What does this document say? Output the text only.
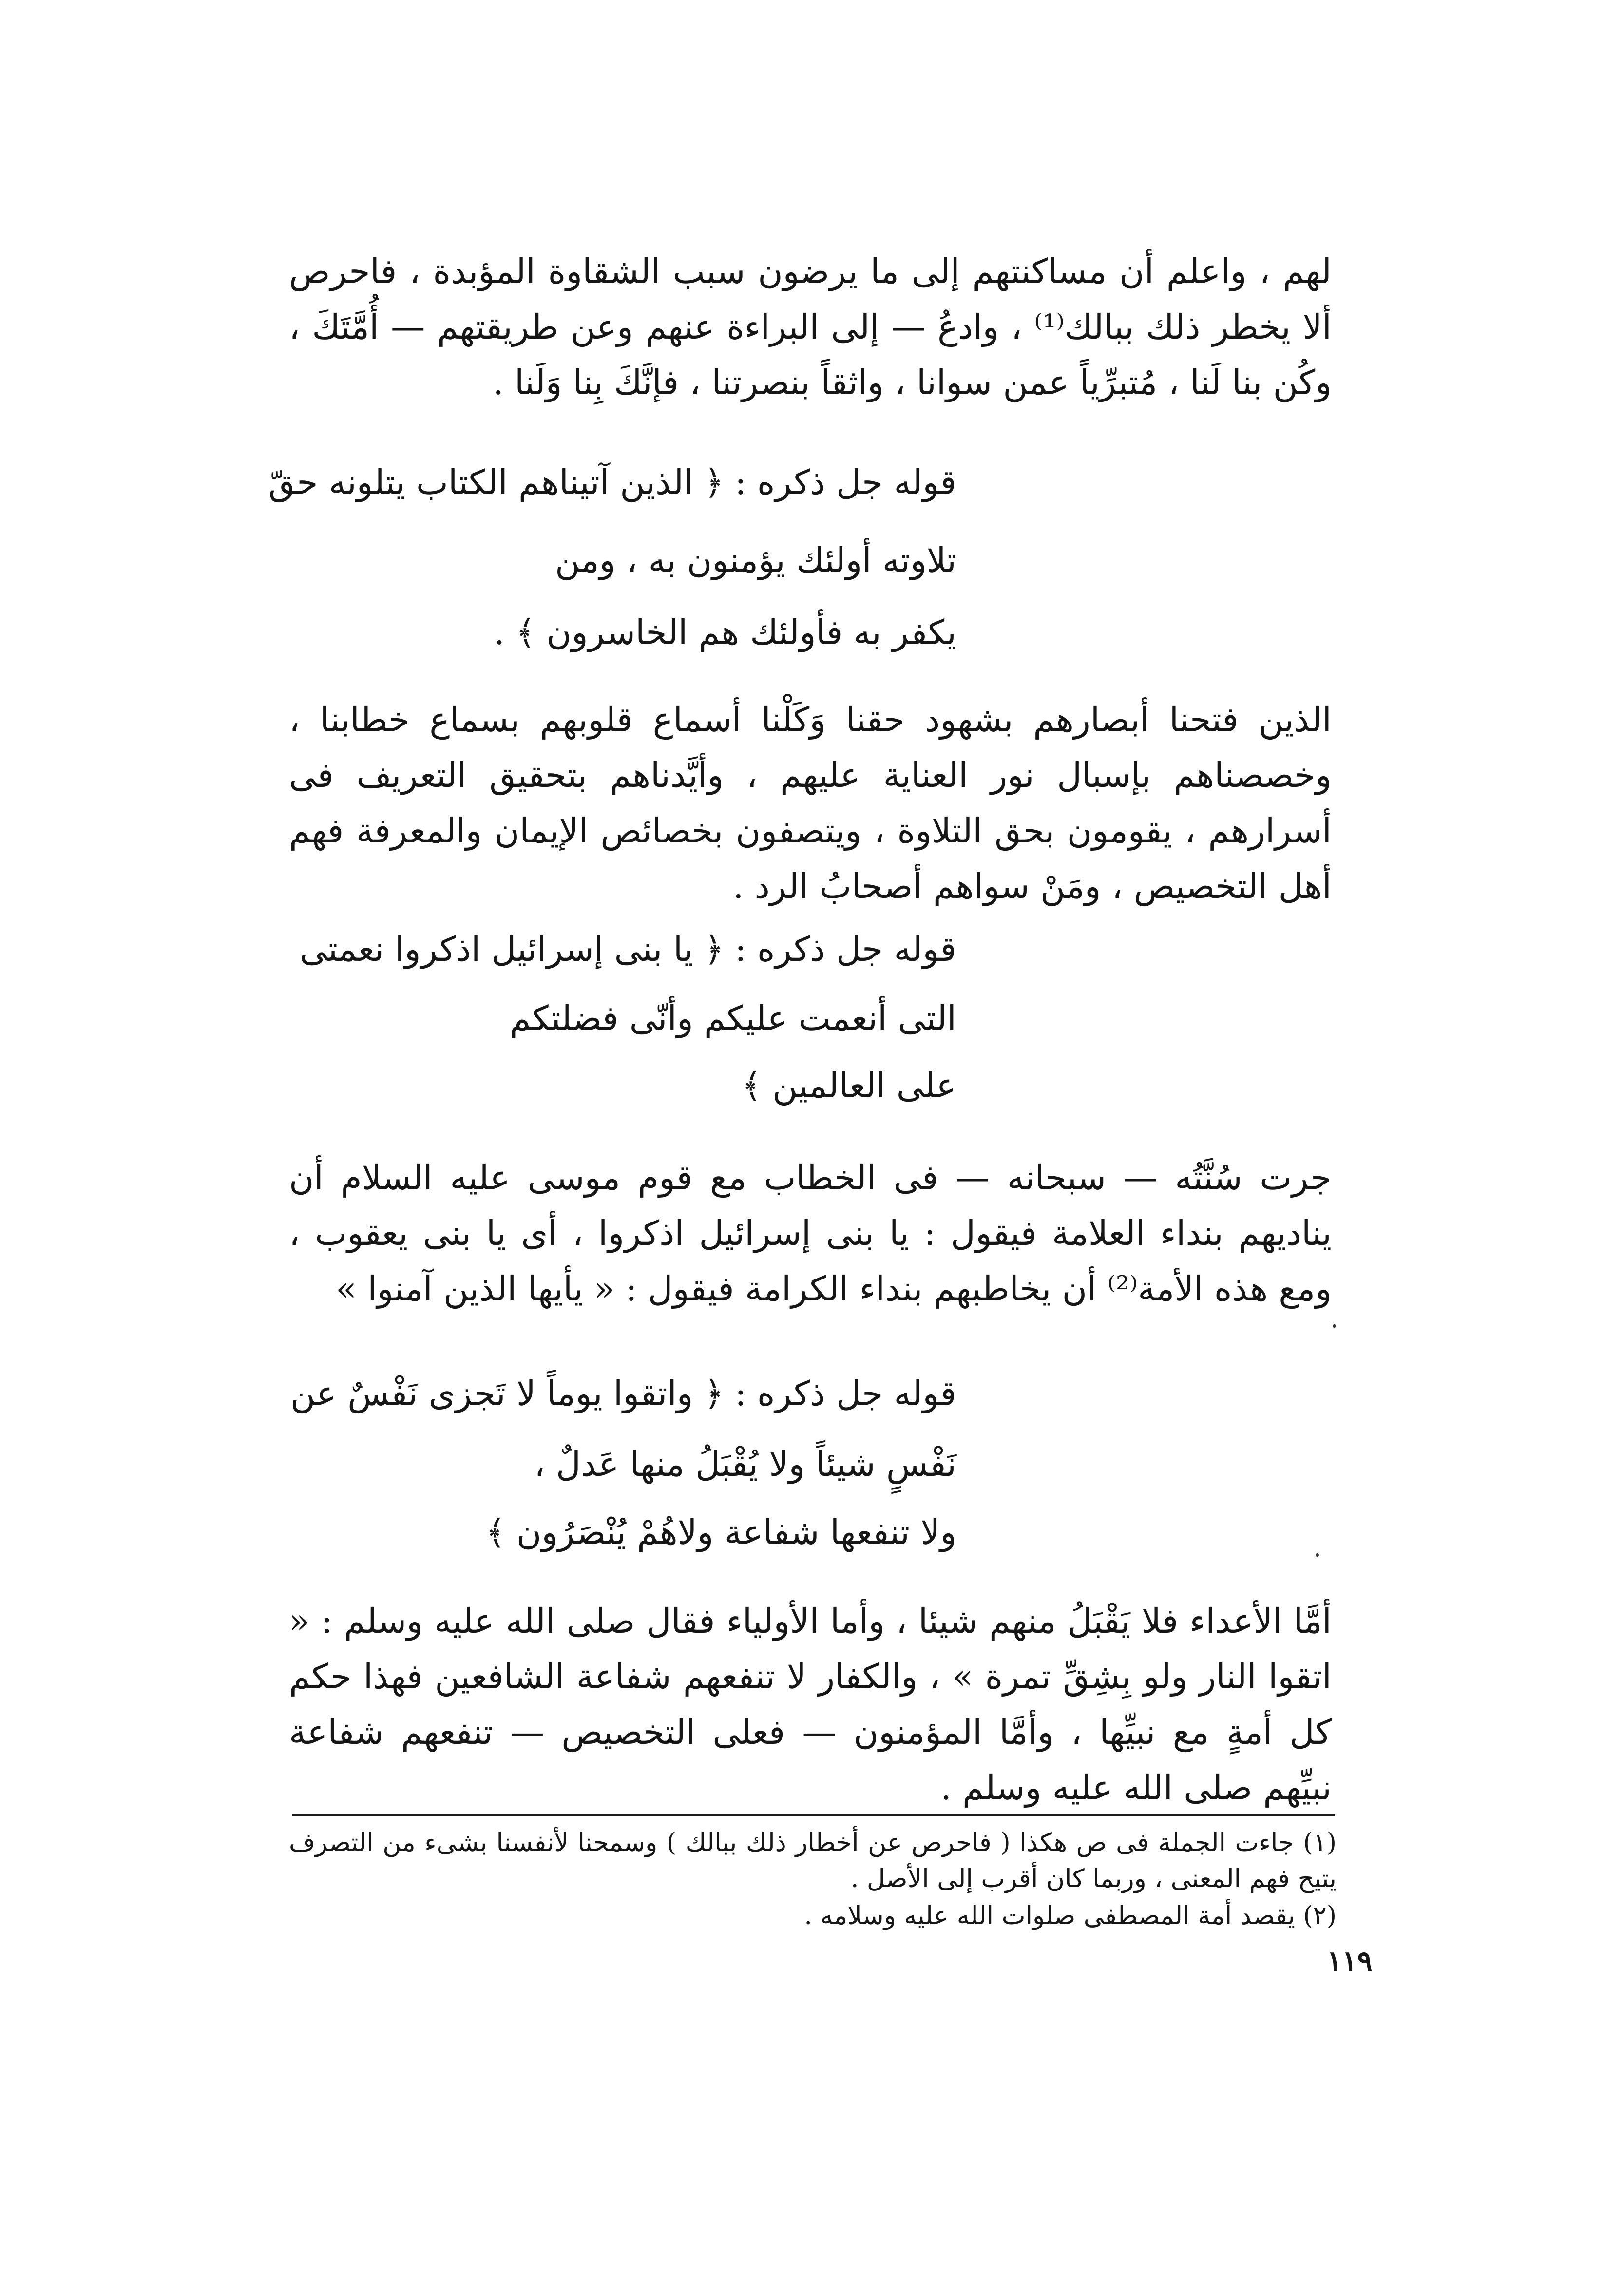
لهم ، واعلم أن مساكنتهم إلى ما يرضون سبب الشقاوة المؤبدة ، فاحرص ألا يخطر ذلك ببالك⁽¹⁾ ، وادعُ — إلى البراءة عنهم وعن طريقتهم — أُمَّتَكَ ، وكُن بنا لَنا ، مُتبرِّياً عمن سوانا ، واثقاً بنصرتنا ، فإنَّكَ بِنا وَلَنا .

قوله جل ذكره : ﴿ الذين آتيناهم الكتاب يتلونه حقّ

تلاوته أولئك يؤمنون به ، ومن

يكفر به فأولئك هم الخاسرون ﴾ .

الذين فتحنا أبصارهم بشهود حقنا وَكَلْنا أسماع قلوبهم بسماع خطابنا ، وخصصناهم بإسبال نور العناية عليهم ، وأيَّدناهم بتحقيق التعريف فى أسرارهم ، يقومون بحق التلاوة ، ويتصفون بخصائص الإيمان والمعرفة فهم أهل التخصيص ، ومَنْ سواهم أصحابُ الرد .

قوله جل ذكره : ﴿ يا بنى إسرائيل اذكروا نعمتى

التى أنعمت عليكم وأنّى فضلتكم

على العالمين ﴾

جرت سُنَّتُه — سبحانه — فى الخطاب مع قوم موسى عليه السلام أن يناديهم بنداء العلامة فيقول : يا بنى إسرائيل اذكروا ، أى يا بنى يعقوب ، ومع هذه الأمة⁽²⁾ أن يخاطبهم بنداء الكرامة فيقول : « يأيها الذين آمنوا »

قوله جل ذكره : ﴿ واتقوا يوماً لا تَجزى نَفْسٌ عن

نَفْسٍ شيئاً ولا يُقْبَلُ منها عَدلٌ ،

ولا تنفعها شفاعة ولاهُمْ يُنْصَرُون ﴾

أمَّا الأعداء فلا يَقْبَلُ منهم شيئا ، وأما الأولياء فقال صلى الله عليه وسلم : « اتقوا النار ولو بِشِقِّ تمرة » ، والكفار لا تنفعهم شفاعة الشافعين فهذا حكم كل أمةٍ مع نبيِّها ، وأمَّا المؤمنون — فعلى التخصيص — تنفعهم شفاعة نبيِّهم صلى الله عليه وسلم .

(١) جاءت الجملة فى ص هكذا ( فاحرص عن أخطار ذلك ببالك ) وسمحنا لأنفسنا بشىء من التصرف يتيح فهم المعنى ، وربما كان أقرب إلى الأصل .

(٢) يقصد أمة المصطفى صلوات الله عليه وسلامه .

١١٩
